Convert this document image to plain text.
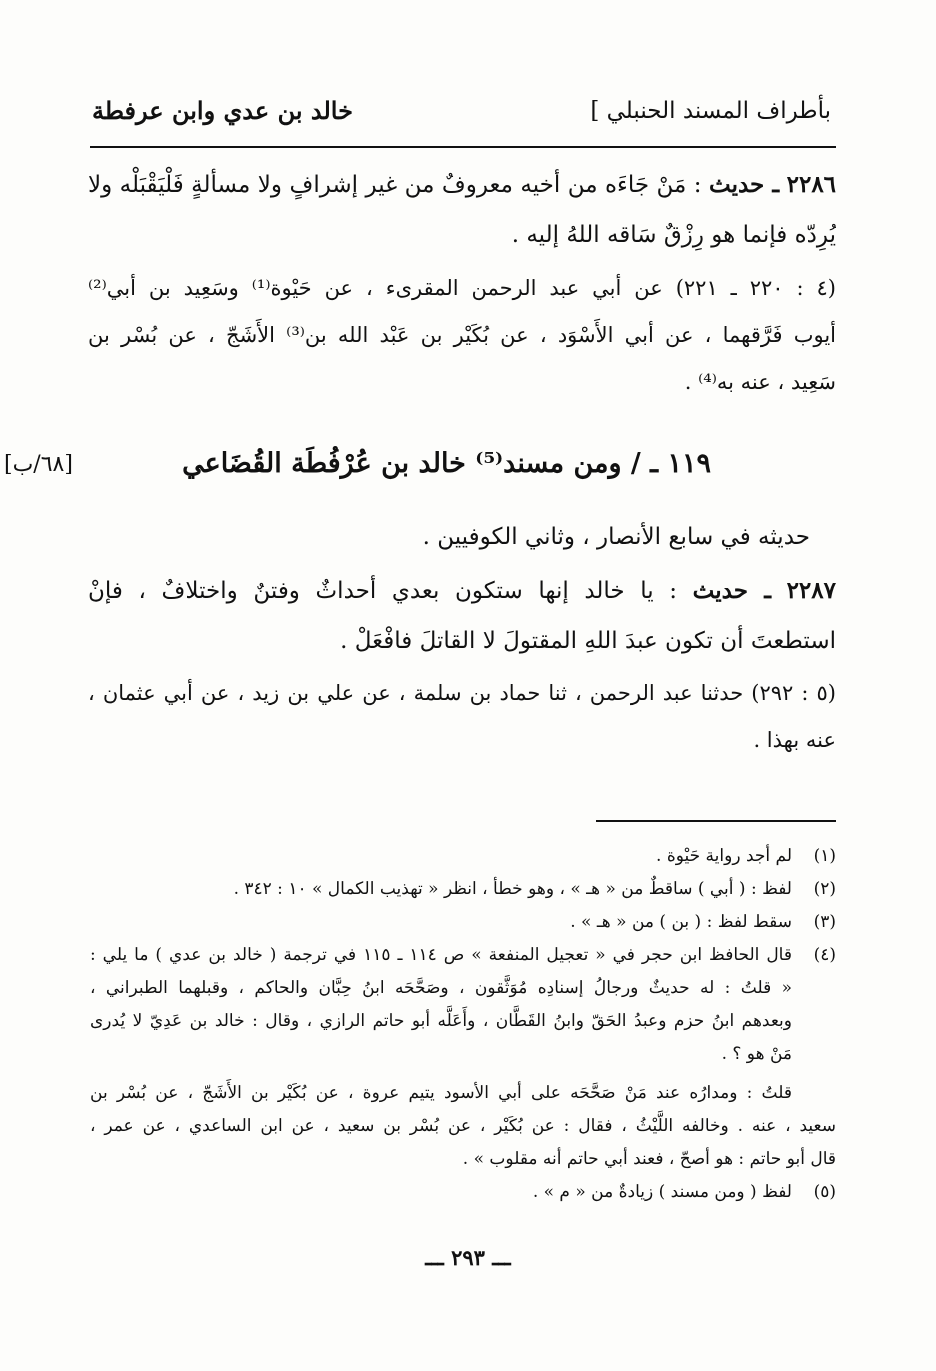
بأطراف المسند الحنبلي ]
خالد بن عدي وابن عرفطة
٢٢٨٦ ـ حديث : مَنْ جَاءَه من أخيه معروفٌ من غير إشرافٍ ولا مسألةٍ فَلْيَقْبَلْه ولا
يُرِدّه فإنما هو رِزْقٌ سَاقه اللهُ إليه .
(٤ : ٢٢٠ ـ ٢٢١) عن أبي عبد الرحمن المقرىء ، عن حَيْوة⁽¹⁾ وسَعِيد بن أبي⁽²⁾
أيوب فَرَّقهما ، عن أبي الأَسْوَد ، عن بُكَيْر بن عَبْد الله بن⁽³⁾ الأَشَجّ ، عن بُسْر بن
سَعِيد ، عنه به⁽⁴⁾ .
١١٩ ـ / ومن مسند⁽⁵⁾ خالد بن عُرْفُطَة القُضَاعي
[٦٨/ب]
حديثه في سابع الأنصار ، وثاني الكوفيين .
٢٢٨٧ ـ حديث : يا خالد إنها ستكون بعدي أحداثٌ وفتنٌ واختلافٌ ، فإنْ
استطعتَ أن تكون عبدَ اللهِ المقتولَ لا القاتلَ فافْعَلْ .
(٥ : ٢٩٢) حدثنا عبد الرحمن ، ثنا حماد بن سلمة ، عن علي بن زيد ، عن أبي عثمان ،
عنه بهذا .
(١)
لم أجد رواية حَيْوة .
(٢)
لفظ : ( أبي ) ساقطٌ من « هـ » ، وهو خطأ ، انظر « تهذيب الكمال » ١٠ : ٣٤٢ .
(٣)
سقط لفظ : ( بن ) من « هـ » .
(٤)
قال الحافظ ابن حجر في « تعجيل المنفعة » ص ١١٤ ـ ١١٥ في ترجمة ( خالد بن عدي ) ما يلي :
« قلتُ : له حديثٌ ورجالُ إسنادِه مُوَثَّقون ، وصَحَّحَه ابنُ حِبَّان والحاكم ، وقبلهما الطبراني ،
وبعدهم ابنُ حزم وعبدُ الحَقّ وابنُ القَطَّان ، وأَعَلَّه أبو حاتم الرازي ، وقال : خالد بن عَدِيّ لا يُدرى
مَنْ هو ؟ .
قلتُ : ومدارُه عند مَنْ صَحَّحَه على أبي الأسود يتيم عروة ، عن بُكَيْر بن الأَشَجّ ، عن بُسْر بن
سعيد ، عنه . وخالفه اللَّيْثُ ، فقال : عن بُكَيْر ، عن بُسْر بن سعيد ، عن ابن الساعدي ، عن عمر ،
قال أبو حاتم : هو أصحّ ، فعند أبي حاتم أنه مقلوب » .
(٥)
لفظ ( ومن مسند ) زيادةٌ من « م » .
ـــ ٢٩٣ ـــ
